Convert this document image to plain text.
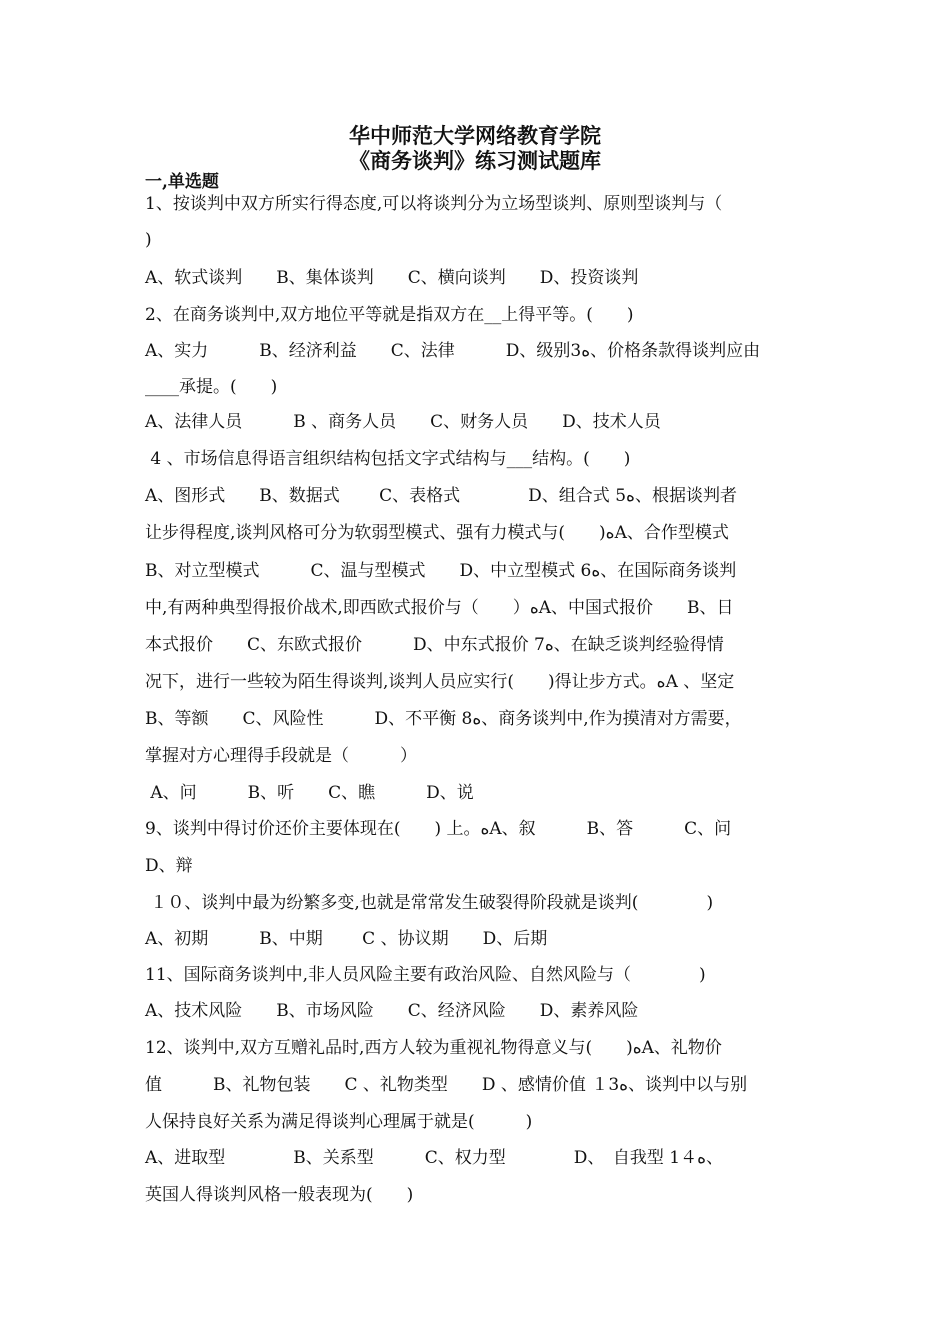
华中师范大学网络教育学院
《商务谈判》练习测试题库
一,单选题
1、按谈判中双方所实行得态度,可以将谈判分为立场型谈判、原则型谈判与（
)
A、软式谈判　　B、集体谈判　　C、横向谈判　　D、投资谈判
2、在商务谈判中,双方地位平等就是指双方在__上得平等。(　　)
A、实力　　　B、经济利益　　C、法律　　　D、级别3ﻩ、价格条款得谈判应由
____承提。(　　)
A、法律人员　　　B 、商务人员　　C、财务人员　　D、技术人员
4 、市场信息得语言组织结构包括文字式结构与___结构。(　　)
A、图形式　　B、数据式　　 C、表格式　　　　D、组合式 5ﻩ、根据谈判者
让步得程度,谈判风格可分为软弱型模式、强有力模式与(　　)ﻩA、合作型模式
B、对立型模式　　　C、温与型模式　　D、中立型模式 6ﻩ、在国际商务谈判
中,有两种典型得报价战术,即西欧式报价与（　　）ﻩA、中国式报价　　B、日
本式报价　　C、东欧式报价　　　D、中东式报价 7ﻩ、在缺乏谈判经验得情
况下，进行一些较为陌生得谈判,谈判人员应实行(　　)得让步方式。ﻩA 、坚定
B、等额　　C、风险性　　　D、不平衡 8ﻩ、商务谈判中,作为摸清对方需要，
掌握对方心理得手段就是（　　　）
A、问　　　B、听　　C、瞧　　　D、说
9、谈判中得讨价还价主要体现在(　　) 上。ﻩA、叙　　　B、答　　　C、问
D、辩
１０、谈判中最为纷繁多变,也就是常常发生破裂得阶段就是谈判(　　　　)
A、初期　　　B、中期　　 C 、协议期　　D、后期
11、国际商务谈判中,非人员风险主要有政治风险、自然风险与（　　　　)
A、技术风险　　B、市场风险　　C、经济风险　　D、素养风险
12、谈判中,双方互赠礼品时,西方人较为重视礼物得意义与(　　)ﻩA、礼物价
值　　　B、礼物包装　　C 、礼物类型　　D 、感情价值 １3ﻩ、谈判中以与别
人保持良好关系为满足得谈判心理属于就是(　　　)
A、进取型　　　　B、关系型　　　C、权力型　　　　D、　自我型 1４ﻩ、
英国人得谈判风格一般表现为(　　)
